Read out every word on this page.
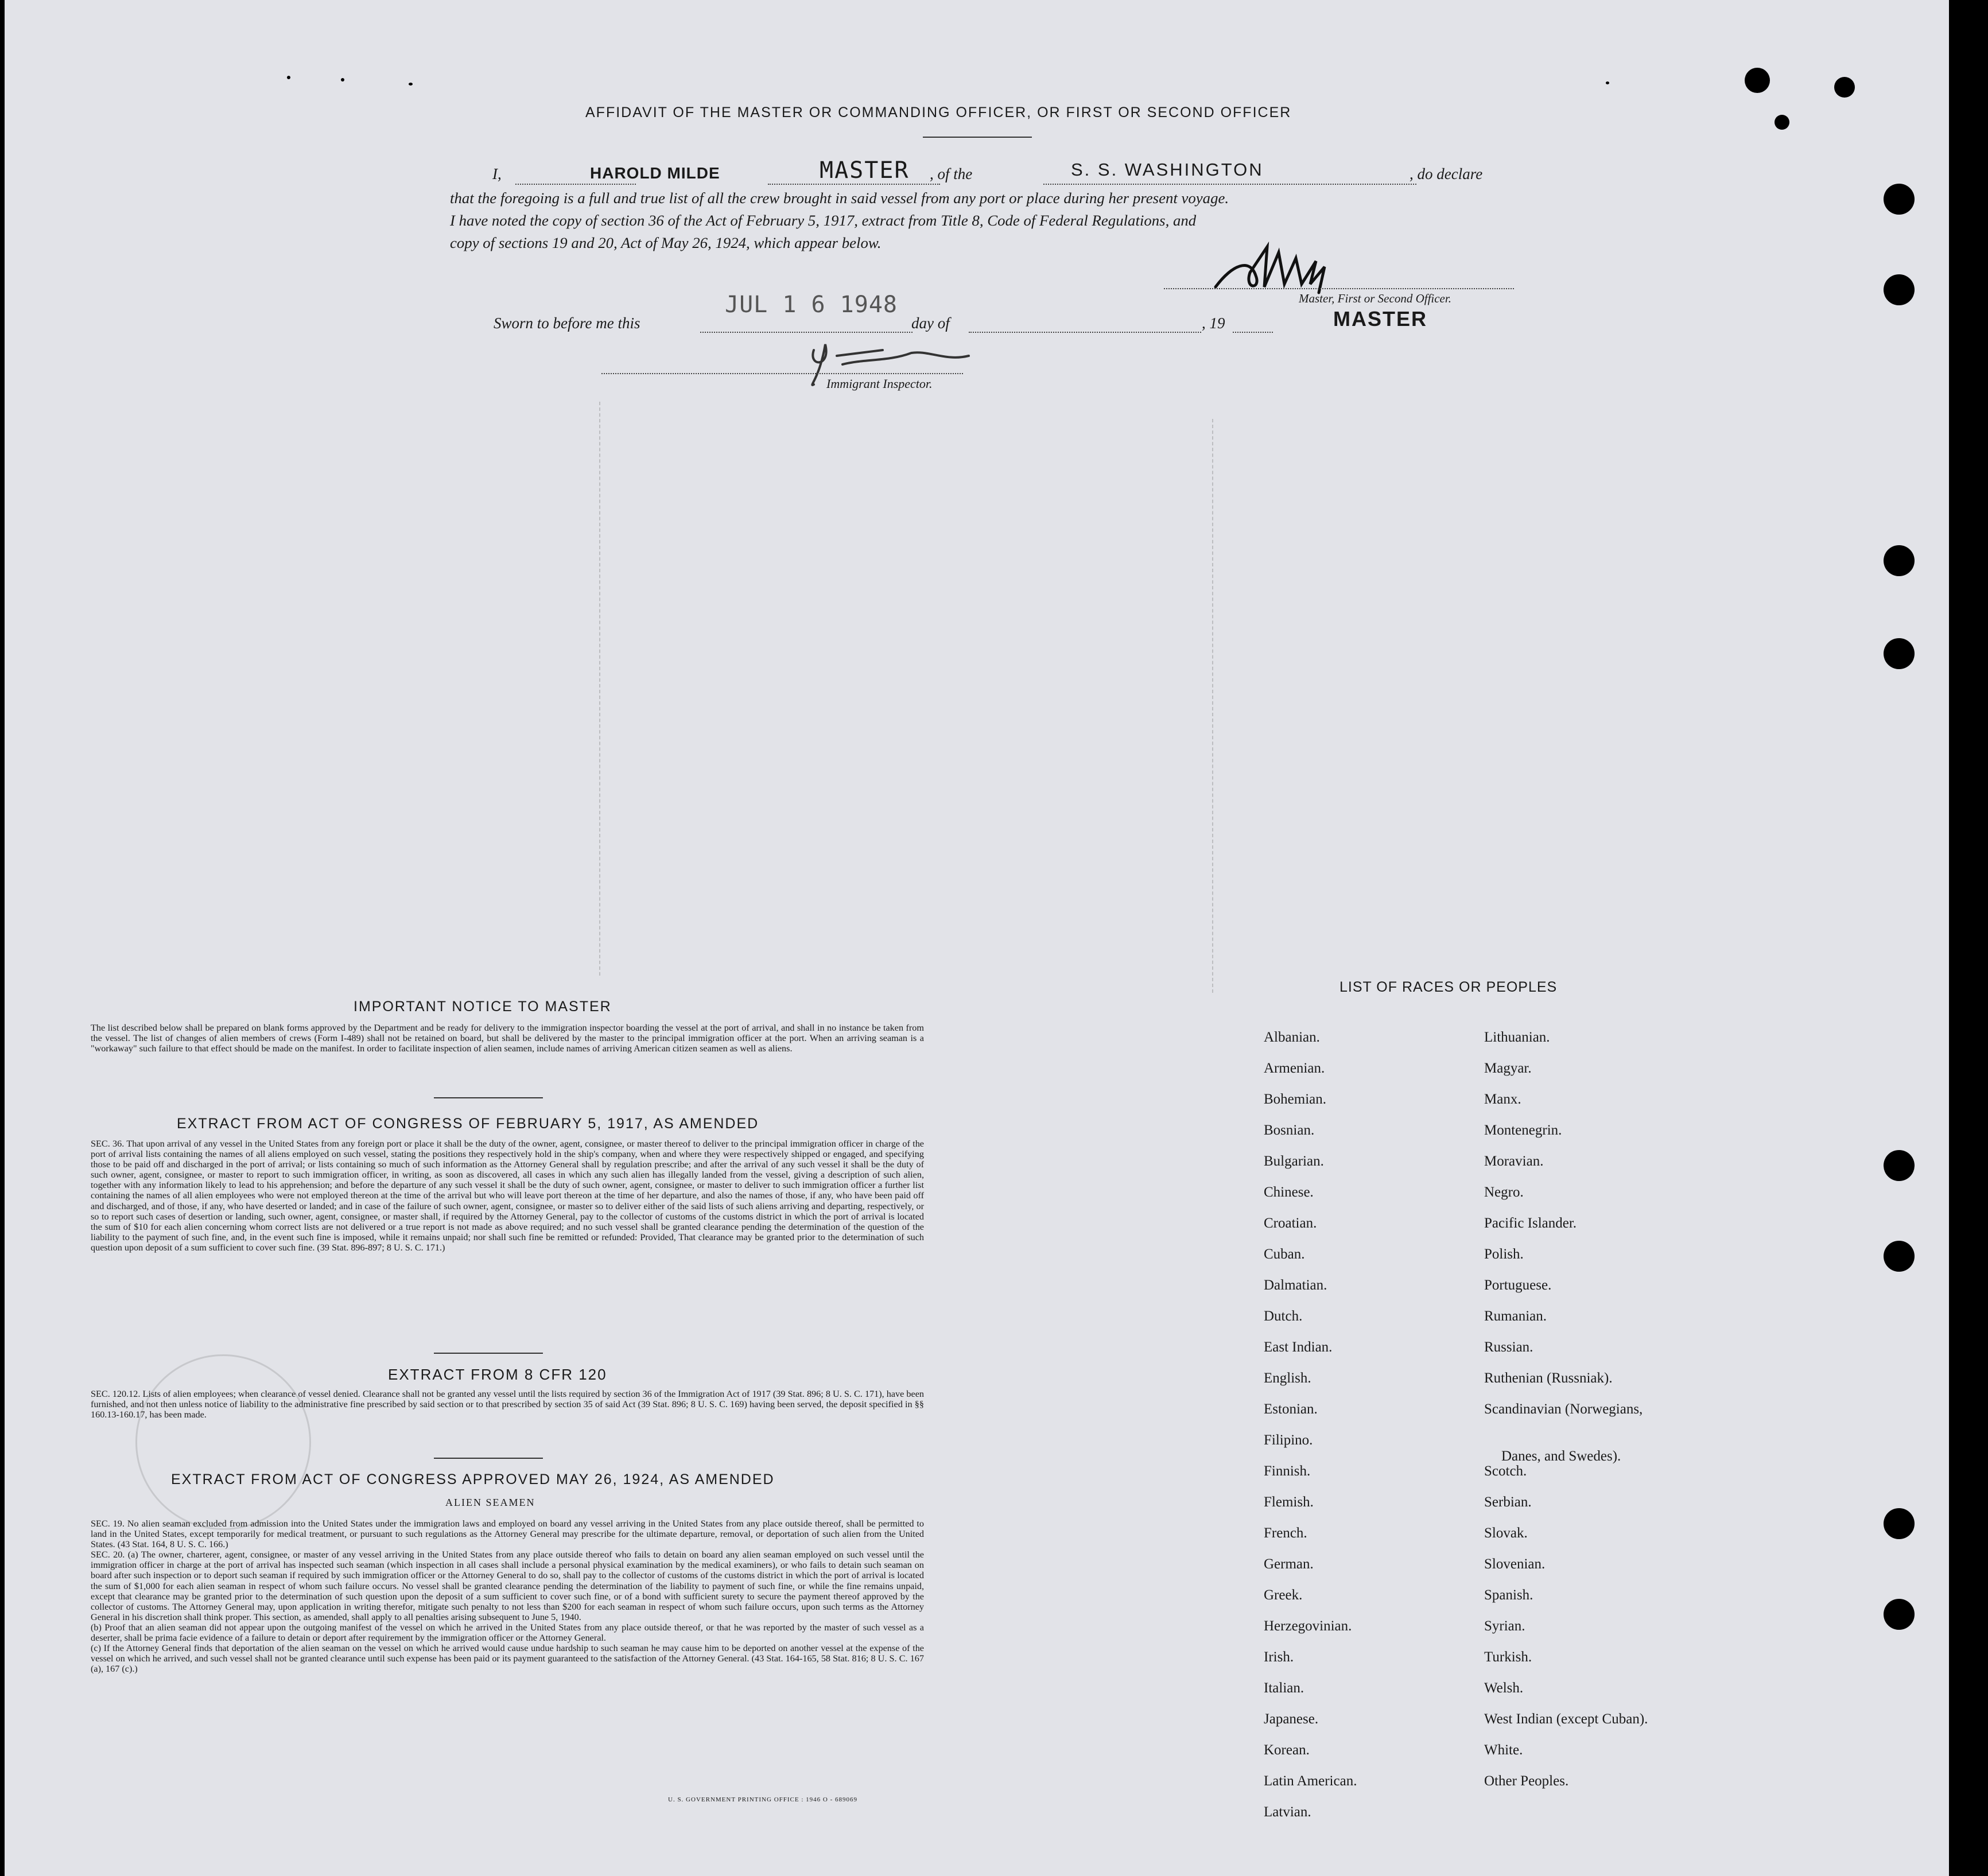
AFFIDAVIT OF THE MASTER OR COMMANDING OFFICER, OR FIRST OR SECOND OFFICER
I,	HAROLD MILDE	MASTER , of the	S. S. WASHINGTON	, do declare
that the foregoing is a full and true list of all the crew brought in said vessel from any port or place during her present voyage.
I have noted the copy of section 36 of the Act of February 5, 1917, extract from Title 8, Code of Federal Regulations, and
copy of sections 19 and 20, Act of May 26, 1924, which appear below.
Master, First or Second Officer.
MASTER
Sworn to before me this
JUL 1 6 1948
day of	, 19
Immigrant Inspector.
IMPORTANT NOTICE TO MASTER
The list described below shall be prepared on blank forms approved by the Department and be ready for delivery to the immigration inspector boarding the vessel at the port of arrival, and shall in no instance be taken from the vessel. The list of changes of alien members of crews (Form I-489) shall not be retained on board, but shall be delivered by the master to the principal immigration officer at the port. When an arriving seaman is a "workaway" such failure to that effect should be made on the manifest. In order to facilitate inspection of alien seamen, include names of arriving American citizen seamen as well as aliens.
EXTRACT FROM ACT OF CONGRESS OF FEBRUARY 5, 1917, AS AMENDED
SEC. 36. That upon arrival of any vessel in the United States from any foreign port or place it shall be the duty of the owner, agent, consignee, or master thereof to deliver to the principal immigration officer in charge of the port of arrival lists containing the names of all aliens employed on such vessel, stating the positions they respectively hold in the ship's company, when and where they were respectively shipped or engaged, and specifying those to be paid off and discharged in the port of arrival; or lists containing so much of such information as the Attorney General shall by regulation prescribe; and after the arrival of any such vessel it shall be the duty of such owner, agent, consignee, or master to report to such immigration officer, in writing, as soon as discovered, all cases in which any such alien has illegally landed from the vessel, giving a description of such alien, together with any information likely to lead to his apprehension; and before the departure of any such vessel it shall be the duty of such owner, agent, consignee, or master to deliver to such immigration officer a further list containing the names of all alien employees who were not employed thereon at the time of the arrival but who will leave port thereon at the time of her departure, and also the names of those, if any, who have been paid off and discharged, and of those, if any, who have deserted or landed; and in case of the failure of such owner, agent, consignee, or master so to deliver either of the said lists of such aliens arriving and departing, respectively, or so to report such cases of desertion or landing, such owner, agent, consignee, or master shall, if required by the Attorney General, pay to the collector of customs of the customs district in which the port of arrival is located the sum of $10 for each alien concerning whom correct lists are not delivered or a true report is not made as above required; and no such vessel shall be granted clearance pending the determination of the question of the liability to the payment of such fine, and, in the event such fine is imposed, while it remains unpaid; nor shall such fine be remitted or refunded: Provided, That clearance may be granted prior to the determination of such question upon deposit of a sum sufficient to cover such fine. (39 Stat. 896-897; 8 U. S. C. 171.)
EXTRACT FROM 8 CFR 120
SEC. 120.12. Lists of alien employees; when clearance of vessel denied. Clearance shall not be granted any vessel until the lists required by section 36 of the Immigration Act of 1917 (39 Stat. 896; 8 U. S. C. 171), have been furnished, and not then unless notice of liability to the administrative fine prescribed by said section or to that prescribed by section 35 of said Act (39 Stat. 896; 8 U. S. C. 169) having been served, the deposit specified in §§ 160.13-160.17, has been made.
EXTRACT FROM ACT OF CONGRESS APPROVED MAY 26, 1924, AS AMENDED
ALIEN SEAMEN

SEC. 19. No alien seaman excluded from admission into the United States under the immigration laws and employed on board any vessel arriving in the United States from any place outside thereof, shall be permitted to land in the United States, except temporarily for medical treatment, or pursuant to such regulations as the Attorney General may prescribe for the ultimate departure, removal, or deportation of such alien from the United States. (43 Stat. 164, 8 U. S. C. 166.)

SEC. 20. (a) The owner, charterer, agent, consignee, or master of any vessel arriving in the United States from any place outside thereof who fails to detain on board any alien seaman employed on such vessel until the immigration officer in charge at the port of arrival has inspected such seaman (which inspection in all cases shall include a personal physical examination by the medical examiners), or who fails to detain such seaman on board after such inspection or to deport such seaman if required by such immigration officer or the Attorney General to do so, shall pay to the collector of customs of the customs district in which the port of arrival is located the sum of $1,000 for each alien seaman in respect of whom such failure occurs. No vessel shall be granted clearance pending the determination of the liability to payment of such fine, or while the fine remains unpaid, except that clearance may be granted prior to the determination of such question upon the deposit of a sum sufficient to cover such fine, or of a bond with sufficient surety to secure the payment thereof approved by the collector of customs. The Attorney General may, upon application in writing therefor, mitigate such penalty to not less than $200 for each seaman in respect of whom such failure occurs, upon such terms as the Attorney General in his discretion shall think proper. This section, as amended, shall apply to all penalties arising subsequent to June 5, 1940.

(b) Proof that an alien seaman did not appear upon the outgoing manifest of the vessel on which he arrived in the United States from any place outside thereof, or that he was reported by the master of such vessel as a deserter, shall be prima facie evidence of a failure to detain or deport after requirement by the immigration officer or the Attorney General.

(c) If the Attorney General finds that deportation of the alien seaman on the vessel on which he arrived would cause undue hardship to such seaman he may cause him to be deported on another vessel at the expense of the vessel on which he arrived, and such vessel shall not be granted clearance until such expense has been paid or its payment guaranteed to the satisfaction of the Attorney General. (43 Stat. 164-165, 58 Stat. 816; 8 U. S. C. 167 (a), 167 (c).)

U. S. GOVERNMENT PRINTING OFFICE : 1946 O - 689069
LIST OF RACES OR PEOPLES
Albanian.
Armenian.
Bohemian.
Bosnian.
Bulgarian.
Chinese.
Croatian.
Cuban.
Dalmatian.
Dutch.
East Indian.
English.
Estonian.
Filipino.
Finnish.
Flemish.
French.
German.
Greek.
Herzegovinian.
Irish.
Italian.
Japanese.
Korean.
Latin American.
Latvian.
Lithuanian.
Magyar.
Manx.
Montenegrin.
Moravian.
Negro.
Pacific Islander.
Polish.
Portuguese.
Rumanian.
Russian.
Ruthenian (Russniak).
Scandinavian (Norwegians,
Danes, and Swedes).
Scotch.
Serbian.
Slovak.
Slovenian.
Spanish.
Syrian.
Turkish.
Welsh.
West Indian (except Cuban).
White.
Other Peoples.
